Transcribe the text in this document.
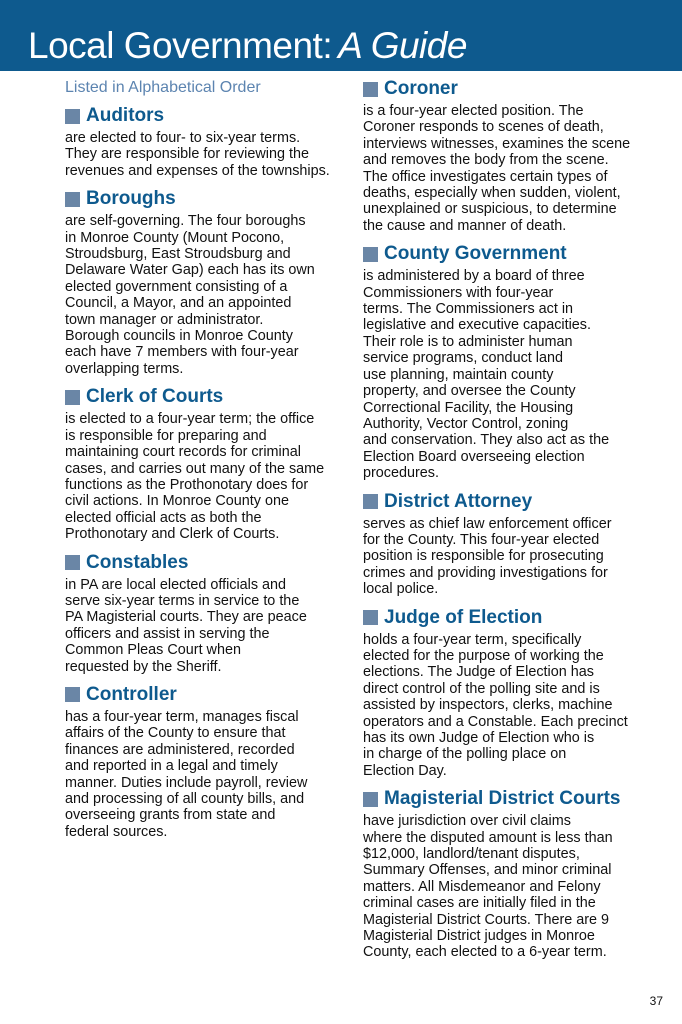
Local Government: A Guide
Listed in Alphabetical Order
Auditors
are elected to four- to six-year terms.
They are responsible for reviewing the
revenues and expenses of the townships.
Boroughs
are self-governing. The four boroughs
in Monroe County (Mount Pocono,
Stroudsburg, East Stroudsburg and
Delaware Water Gap) each has its own
elected government consisting of a
Council, a Mayor, and an appointed
town manager or administrator.
Borough councils in Monroe County
each have 7 members with four-year
overlapping terms.
Clerk of Courts
is elected to a four-year term; the office
is responsible for preparing and
maintaining court records for criminal
cases, and carries out many of the same
functions as the Prothonotary does for
civil actions. In Monroe County one
elected official acts as both the
Prothonotary and Clerk of Courts.
Constables
in PA are local elected officials and
serve six-year terms in service to the
PA Magisterial courts. They are peace
officers and assist in serving the
Common Pleas Court when
requested by the Sheriff.
Controller
has a four-year term, manages fiscal
affairs of the County to ensure that
finances are administered, recorded
and reported in a legal and timely
manner. Duties include payroll, review
and processing of all county bills, and
overseeing grants from state and
federal sources.
Coroner
is a four-year elected position. The
Coroner responds to scenes of death,
interviews witnesses, examines the scene
and removes the body from the scene.
The office investigates certain types of
deaths, especially when sudden, violent,
unexplained or suspicious, to determine
the cause and manner of death.
County Government
is administered by a board of three
Commissioners with four-year
terms. The Commissioners act in
legislative and executive capacities.
Their role is to administer human
service programs, conduct land
use planning, maintain county
property, and oversee the County
Correctional Facility, the Housing
Authority, Vector Control, zoning
and conservation. They also act as the
Election Board overseeing election
procedures.
District Attorney
serves as chief law enforcement officer
for the County. This four-year elected
position is responsible for prosecuting
crimes and providing investigations for
local police.
Judge of Election
holds a four-year term, specifically
elected for the purpose of working the
elections. The Judge of Election has
direct control of the polling site and is
assisted by inspectors, clerks, machine
operators and a Constable. Each precinct
has its own Judge of Election who is
in charge of the polling place on
Election Day.
Magisterial District Courts
have jurisdiction over civil claims
where the disputed amount is less than
$12,000, landlord/tenant disputes,
Summary Offenses, and minor criminal
matters. All Misdemeanor and Felony
criminal cases are initially filed in the
Magisterial District Courts. There are 9
Magisterial District judges in Monroe
County, each elected to a 6-year term.
37
